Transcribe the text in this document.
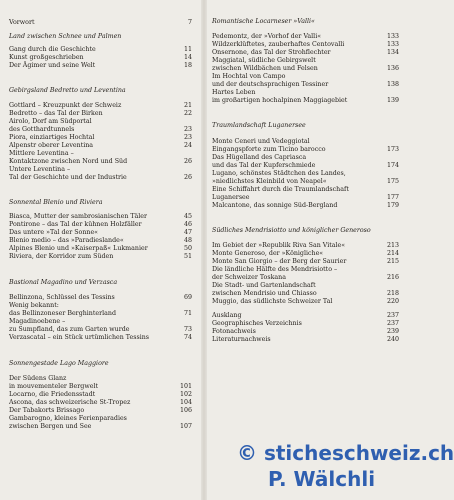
Vorwort	7
Land zwischen Schnee und Palmen
Gang durch die Geschichte	11
Kunst großgeschrieben	14
Der Ägimer und seine Welt	18
Gebirgsland Bedretto und Leventina
Gottlard – Kreuzpunkt der Schweiz	21
Bedretto – das Tal der Birken	22
Airolo, Dorf am Südportal
des Gotthardtunnels	23
Piora, einziartiges Hochtal	23
Alpenstr oberer Leventina	24
Mittlere Leventina –
Kontaktzone zwischen Nord und Süd	26
Untere Leventina –
Tal der Geschichte und der Industrie	26
Sonnental Blenio und Riviera
Biasca, Mutter der sambrosianischen Täler	45
Pontirone – das Tal der kühnen Holzfäller	46
Das untere »Tal der Sonne«	47
Blenio medio – das »Paradieslande«	48
Alpines Blenio und »Kaiserpaß« Lukmanier	50
Riviera, der Korridor zum Süden	51
Bastional Magadino und Verzasca
Bellinzona, Schlüssel des Tessins	69
Wenig bekannt:
das Bellinzoneser Berghinterland	71
Magadinoebene –
zu Sumpfland, das zum Garten wurde	73
Verzascatal – ein Stück urtümlichen Tessins	74
Sonnengestade Lago Maggiore
Der Südens Glanz
in mouvementeler Bergwelt	101
Locarno, die Friedensstadt	102
Ascona, das schweizerische St-Tropez	104
Der Tabakorts Brissago	106
Gambarogno, kleines Ferienparadies
zwischen Bergen und See	107
Romantische Locarneser »Valli«
Pedemontz, der »Vorhof der Valli«	133
Wildzerklüftetes, zauberhaftes Centovalli	133
Onsernone, das Tal der Strohflechter	134
Maggiatal, südliche Gebirgswelt
zwischen Wildbächen und Felsen	136
Im Hochtal von Campo
und der deutschsprachigen Tessiner	138
Hartes Leben
im großartigen hochalpinen Maggiagebiet	139
Traumlandschaft Luganersee
Monte Ceneri und Vedeggiotal
Eingangspforte zum Ticino barocco	173
Das Hügelland des Capriasca
und das Tal der Kupferschmiede	174
Lugano, schönstes Städtchen des Landes,
»niedlichstes Kleinbild von Neapel«	175
Eine Schiffahrt durch die Traumlandschaft
Luganersee	177
Malcantone, das sonnige Süd-Bergland	179
Südliches Mendrisiotto und königlicher Generoso
Im Gebiet der »Republik Riva San Vitale«	213
Monte Generoso, der »Königliche«	214
Monte San Giorgio – der Berg der Saurier	215
Die ländliche Hälfte des Mendrisiotto –
der Schweizer Toskana	216
Die Stadt- und Gartenlandschaft
zwischen Mendrisio und Chiasso	218
Muggio, das südlichste Schweizer Tal	220
Ausklang	237
Geographisches Verzeichnis	237
Fotonachweis	239
Literaturnachweis	240
© sticheschweiz.ch
P. Wälchli
